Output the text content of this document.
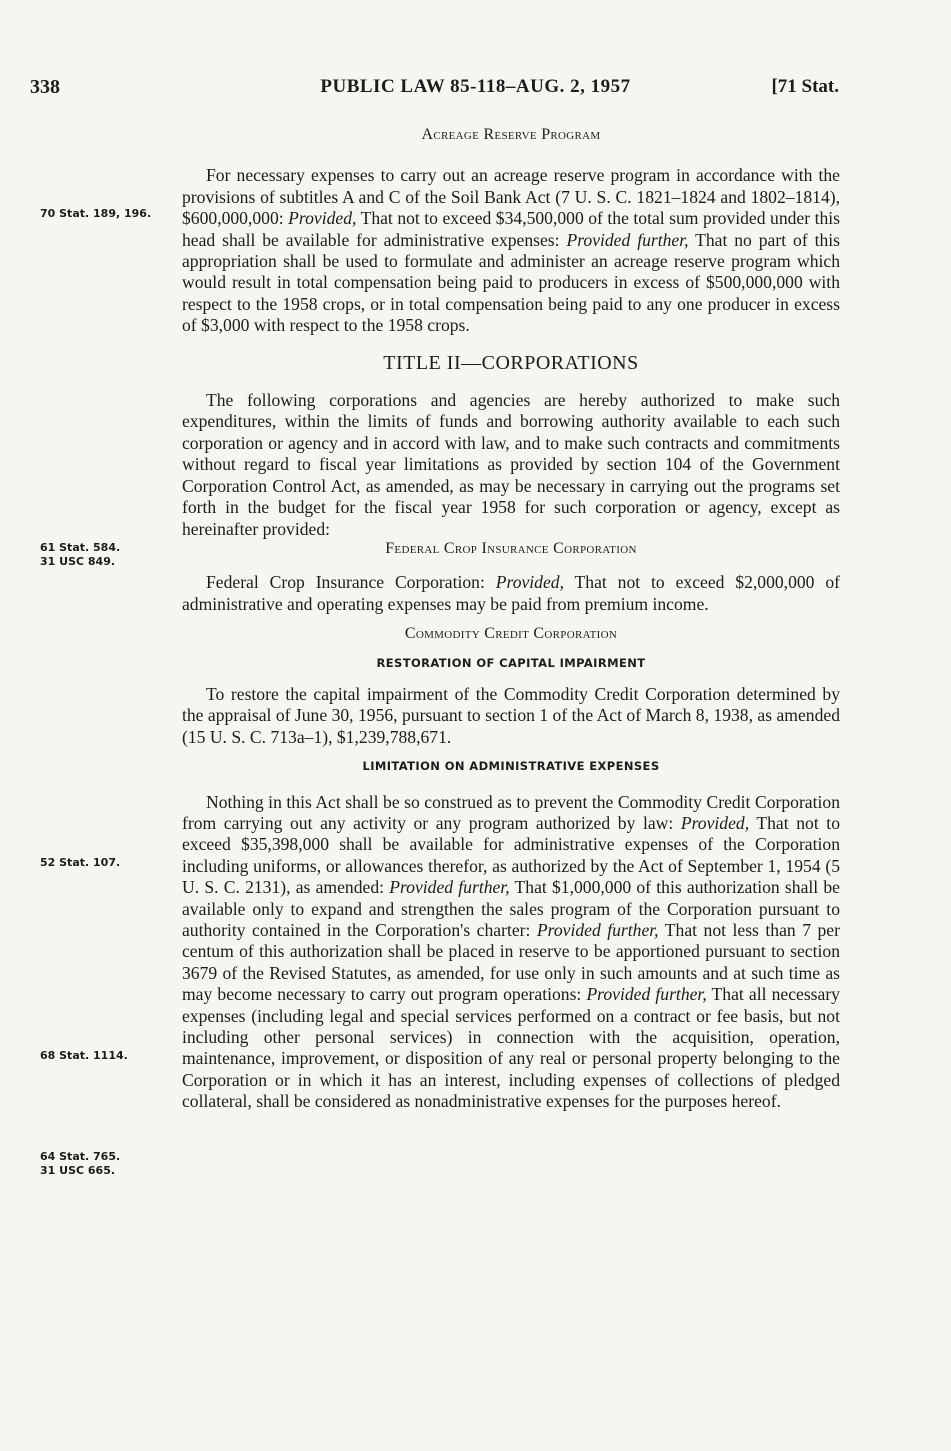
338	PUBLIC LAW 85-118–AUG. 2, 1957	[71 Stat.
70 Stat. 189, 196.
61 Stat. 584.
31 USC 849.
52 Stat. 107.
68 Stat. 1114.
64 Stat. 765.
31 USC 665.
Acreage Reserve Program

For necessary expenses to carry out an acreage reserve program in accordance with the provisions of subtitles A and C of the Soil Bank Act (7 U. S. C. 1821–1824 and 1802–1814), $600,000,000: Provided, That not to exceed $34,500,000 of the total sum provided under this head shall be available for administrative expenses: Provided further, That no part of this appropriation shall be used to formulate and administer an acreage reserve program which would result in total compensation being paid to producers in excess of $500,000,000 with respect to the 1958 crops, or in total compensation being paid to any one producer in excess of $3,000 with respect to the 1958 crops.

TITLE II—CORPORATIONS

The following corporations and agencies are hereby authorized to make such expenditures, within the limits of funds and borrowing authority available to each such corporation or agency and in accord with law, and to make such contracts and commitments without regard to fiscal year limitations as provided by section 104 of the Government Corporation Control Act, as amended, as may be necessary in carrying out the programs set forth in the budget for the fiscal year 1958 for such corporation or agency, except as hereinafter provided:

Federal Crop Insurance Corporation

Federal Crop Insurance Corporation: Provided, That not to exceed $2,000,000 of administrative and operating expenses may be paid from premium income.

Commodity Credit Corporation
RESTORATION OF CAPITAL IMPAIRMENT

To restore the capital impairment of the Commodity Credit Corporation determined by the appraisal of June 30, 1956, pursuant to section 1 of the Act of March 8, 1938, as amended (15 U. S. C. 713a–1), $1,239,788,671.

LIMITATION ON ADMINISTRATIVE EXPENSES

Nothing in this Act shall be so construed as to prevent the Commodity Credit Corporation from carrying out any activity or any program authorized by law: Provided, That not to exceed $35,398,000 shall be available for administrative expenses of the Corporation including uniforms, or allowances therefor, as authorized by the Act of September 1, 1954 (5 U. S. C. 2131), as amended: Provided further, That $1,000,000 of this authorization shall be available only to expand and strengthen the sales program of the Corporation pursuant to authority contained in the Corporation's charter: Provided further, That not less than 7 per centum of this authorization shall be placed in reserve to be apportioned pursuant to section 3679 of the Revised Statutes, as amended, for use only in such amounts and at such time as may become necessary to carry out program operations: Provided further, That all necessary expenses (including legal and special services performed on a contract or fee basis, but not including other personal services) in connection with the acquisition, operation, maintenance, improvement, or disposition of any real or personal property belonging to the Corporation or in which it has an interest, including expenses of collections of pledged collateral, shall be considered as nonadministrative expenses for the purposes hereof.
